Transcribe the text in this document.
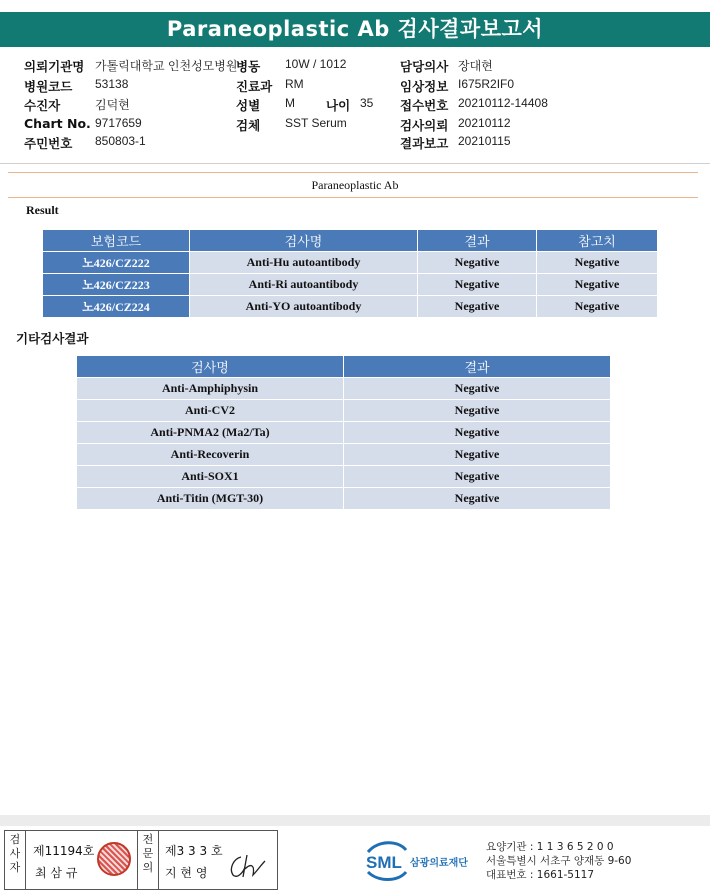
Paraneoplastic Ab 검사결과보고서
의뢰기관명 가톨릭대학교 인천성모병원
병원코드 53138
수진자	김덕현
Chart No. 9717659
주민번호 850803-1
병동 10W / 1012
진료과 RM
성별 M 나이 35
검체 SST Serum
담당의사 장대현
임상정보 I675R2IF0
접수번호 20210112-14408
검사의뢰 20210112
결과보고 20210115
Paraneoplastic Ab
Result
보험코드	검사명	결과	참고치
노426/CZ222	Anti-Hu autoantibody	Negative	Negative
노426/CZ223	Anti-Ri autoantibody	Negative	Negative
노426/CZ224	Anti-YO autoantibody	Negative	Negative
기타검사결과
검사명	결과
Anti-Amphiphysin	Negative
Anti-CV2	Negative
Anti-PNMA2 (Ma2/Ta)	Negative
Anti-Recoverin	Negative
Anti-SOX1	Negative
Anti-Titin (MGT-30)	Negative
검
사
자
제11194호
최 삼 규
전
문
의
제3 3 3 호
지 현 영
SML 삼광의료재단
요양기관 : 1 1 3 6 5 2 0 0
서울특별시 서초구 양재동 9-60
대표번호 : 1661-5117
